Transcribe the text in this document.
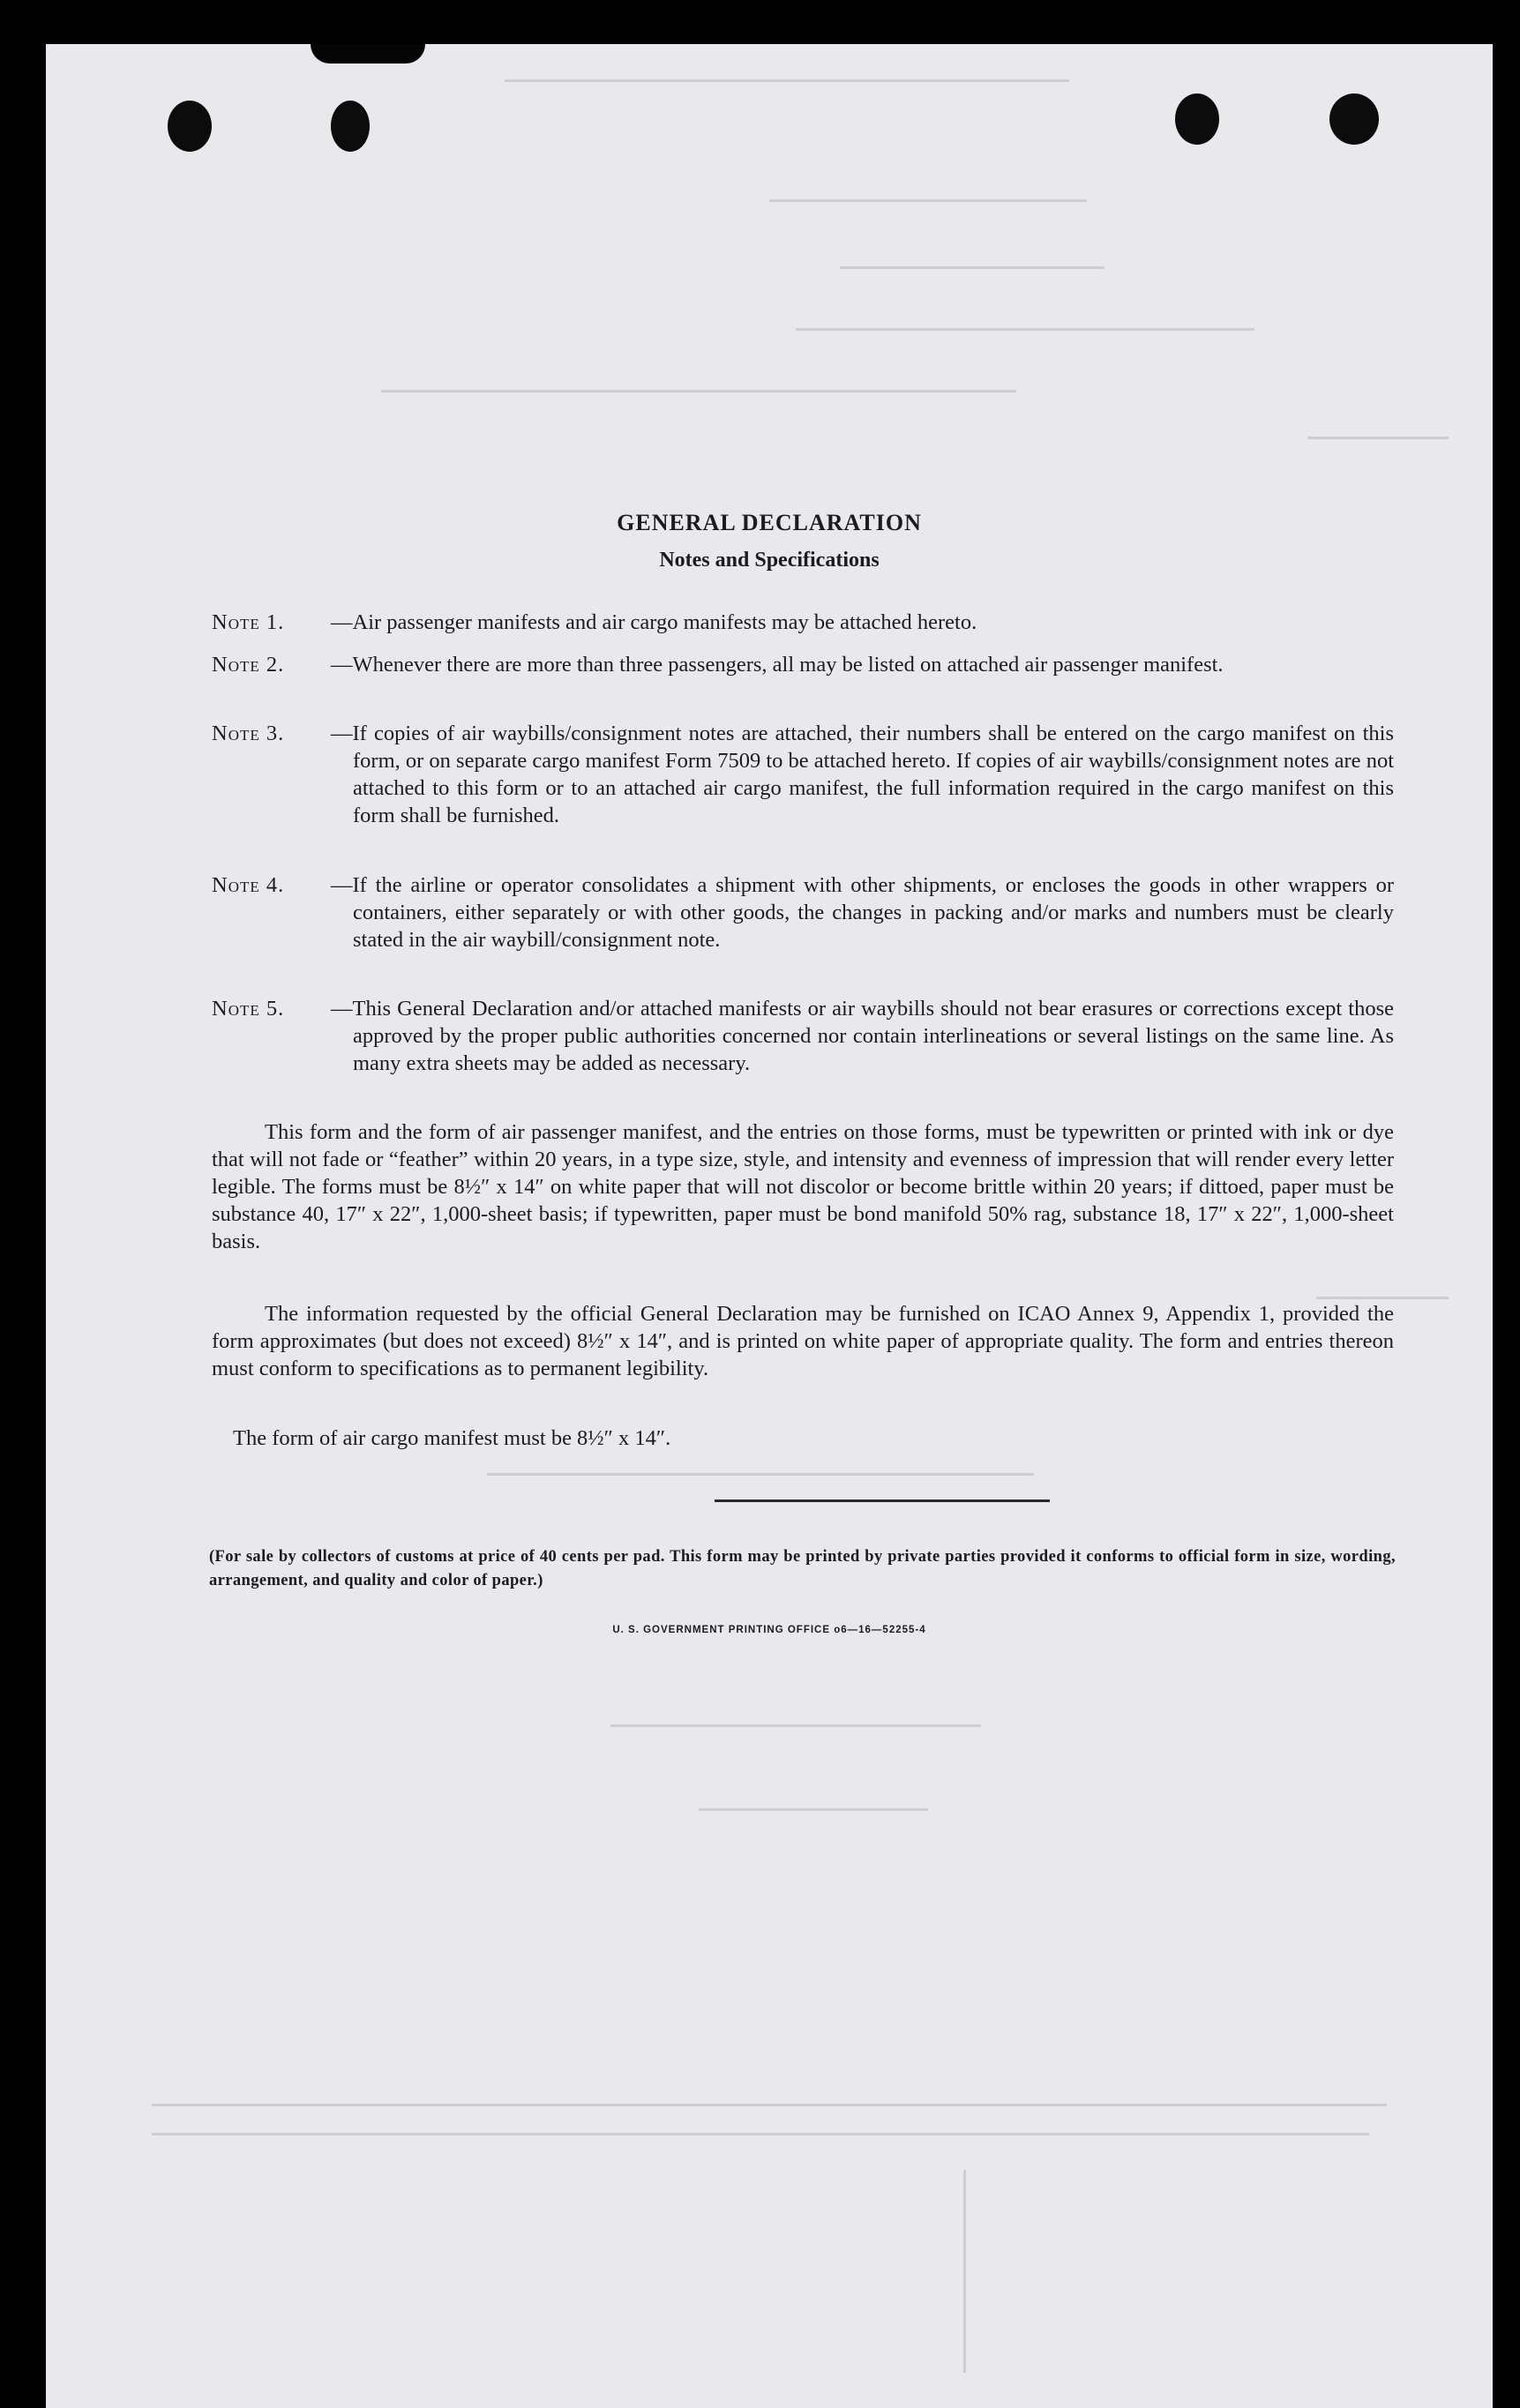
GENERAL DECLARATION
Notes and Specifications
Note 1.	—Air passenger manifests and air cargo manifests may be attached hereto.
Note 2.	—Whenever there are more than three passengers, all may be listed on attached air passenger manifest.
Note 3.	—If copies of air waybills/consignment notes are attached, their numbers shall be entered on the cargo manifest on this form, or on separate cargo manifest Form 7509 to be attached hereto. If copies of air waybills/consignment notes are not attached to this form or to an attached air cargo manifest, the full information required in the cargo manifest on this form shall be furnished.
Note 4.	—If the airline or operator consolidates a shipment with other shipments, or encloses the goods in other wrappers or containers, either separately or with other goods, the changes in packing and/or marks and numbers must be clearly stated in the air waybill/consignment note.
Note 5.	—This General Declaration and/or attached manifests or air waybills should not bear erasures or corrections except those approved by the proper public authorities concerned nor contain interlineations or several listings on the same line. As many extra sheets may be added as necessary.
This form and the form of air passenger manifest, and the entries on those forms, must be typewritten or printed with ink or dye that will not fade or “feather” within 20 years, in a type size, style, and intensity and evenness of impression that will render every letter legible. The forms must be 8½″ x 14″ on white paper that will not discolor or become brittle within 20 years; if dittoed, paper must be substance 40, 17″ x 22″, 1,000-sheet basis; if typewritten, paper must be bond manifold 50% rag, substance 18, 17″ x 22″, 1,000-sheet basis.
The information requested by the official General Declaration may be furnished on ICAO Annex 9, Appendix 1, provided the form approximates (but does not exceed) 8½″ x 14″, and is printed on white paper of appropriate quality. The form and entries thereon must conform to specifications as to permanent legibility.
The form of air cargo manifest must be 8½″ x 14″.
(For sale by collectors of customs at price of 40 cents per pad. This form may be printed by private parties provided it conforms to official form in size, wording, arrangement, and quality and color of paper.)
U. S. GOVERNMENT PRINTING OFFICE o6—16—52255-4
